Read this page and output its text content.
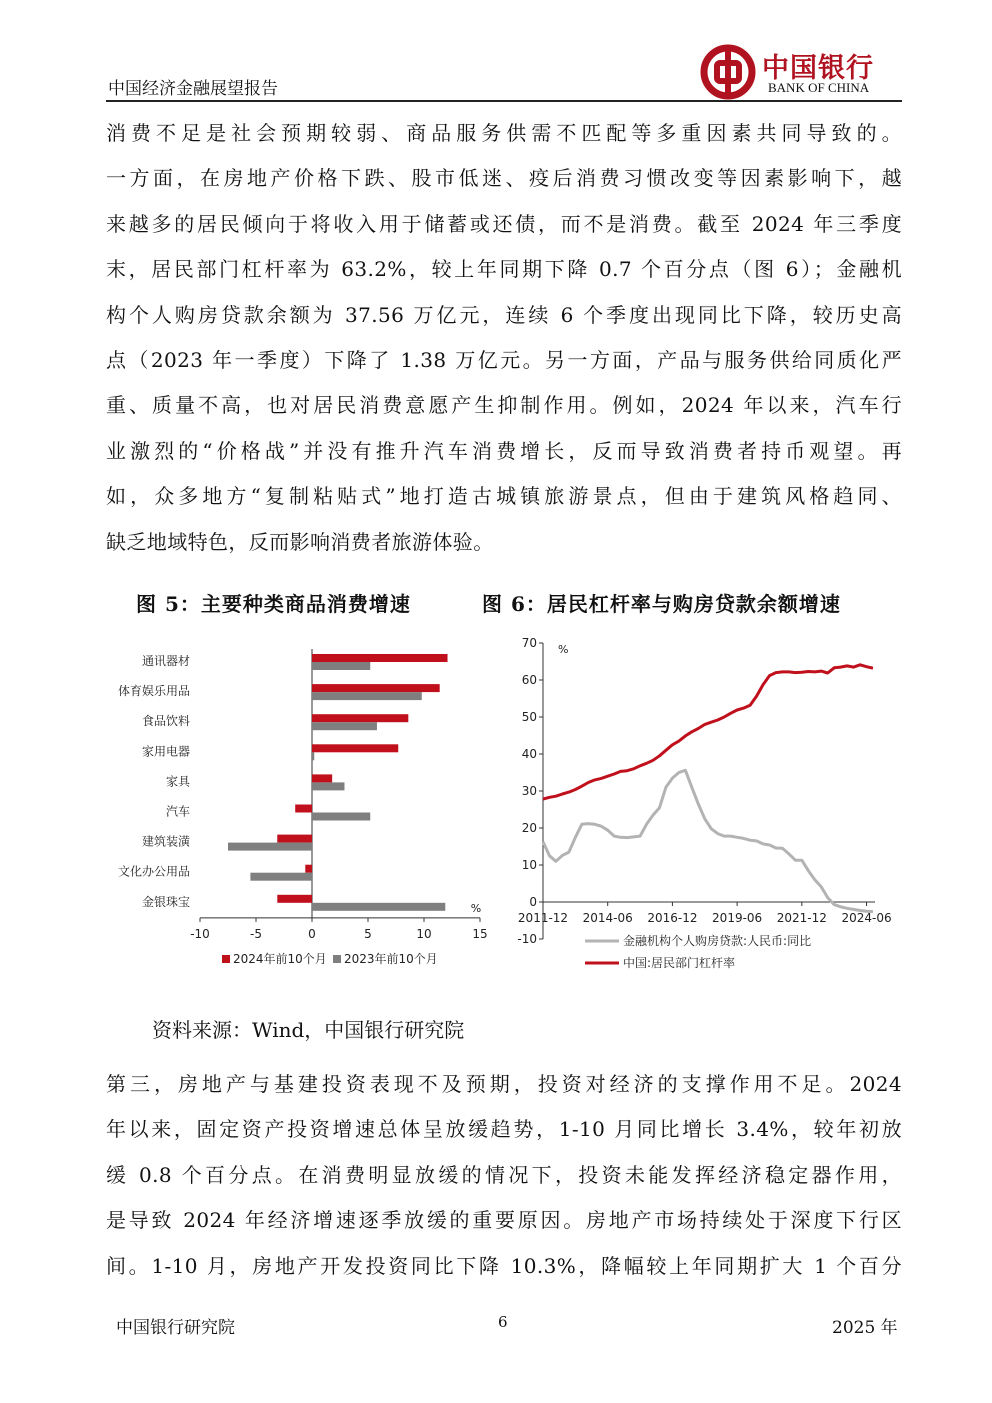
中国经济金融展望报告
中国银行
BANK OF CHINA
消费不足是社会预期较弱、商品服务供需不匹配等多重因素共同导致的。
一方面，在房地产价格下跌、股市低迷、疫后消费习惯改变等因素影响下，越
来越多的居民倾向于将收入用于储蓄或还债，而不是消费。截至 2024 年三季度
末，居民部门杠杆率为 63.2%，较上年同期下降 0.7 个百分点（图 6）；金融机
构个人购房贷款余额为 37.56 万亿元，连续 6 个季度出现同比下降，较历史高
点（2023 年一季度）下降了 1.38 万亿元。另一方面，产品与服务供给同质化严
重、质量不高，也对居民消费意愿产生抑制作用。例如，2024 年以来，汽车行
业激烈的“价格战”并没有推升汽车消费增长，反而导致消费者持币观望。再
如，众多地方“复制粘贴式”地打造古城镇旅游景点，但由于建筑风格趋同、
缺乏地域特色，反而影响消费者旅游体验。
图 5：主要种类商品消费增速	图 6：居民杠杆率与购房贷款余额增速
-10	-5	0	5	10	15
%
通讯器材
体育娱乐用品
食品饮料
家用电器
家具
汽车
建筑装潢
文化办公用品
金银珠宝
2024年前10个月 2023年前10个月
-10
0
10
20
30
40
50
60
70 %
2011-12 2014-06 2016-12 2019-06 2021-12 2024-06
金融机构个人购房贷款:人民币:同比
中国:居民部门杠杆率
资料来源：Wind，中国银行研究院
第三，房地产与基建投资表现不及预期，投资对经济的支撑作用不足。2024
年以来，固定资产投资增速总体呈放缓趋势，1-10 月同比增长 3.4%，较年初放
缓 0.8 个百分点。在消费明显放缓的情况下，投资未能发挥经济稳定器作用，
是导致 2024 年经济增速逐季放缓的重要原因。房地产市场持续处于深度下行区
间。1-10 月，房地产开发投资同比下降 10.3%，降幅较上年同期扩大 1 个百分
中国银行研究院	6	2025 年
